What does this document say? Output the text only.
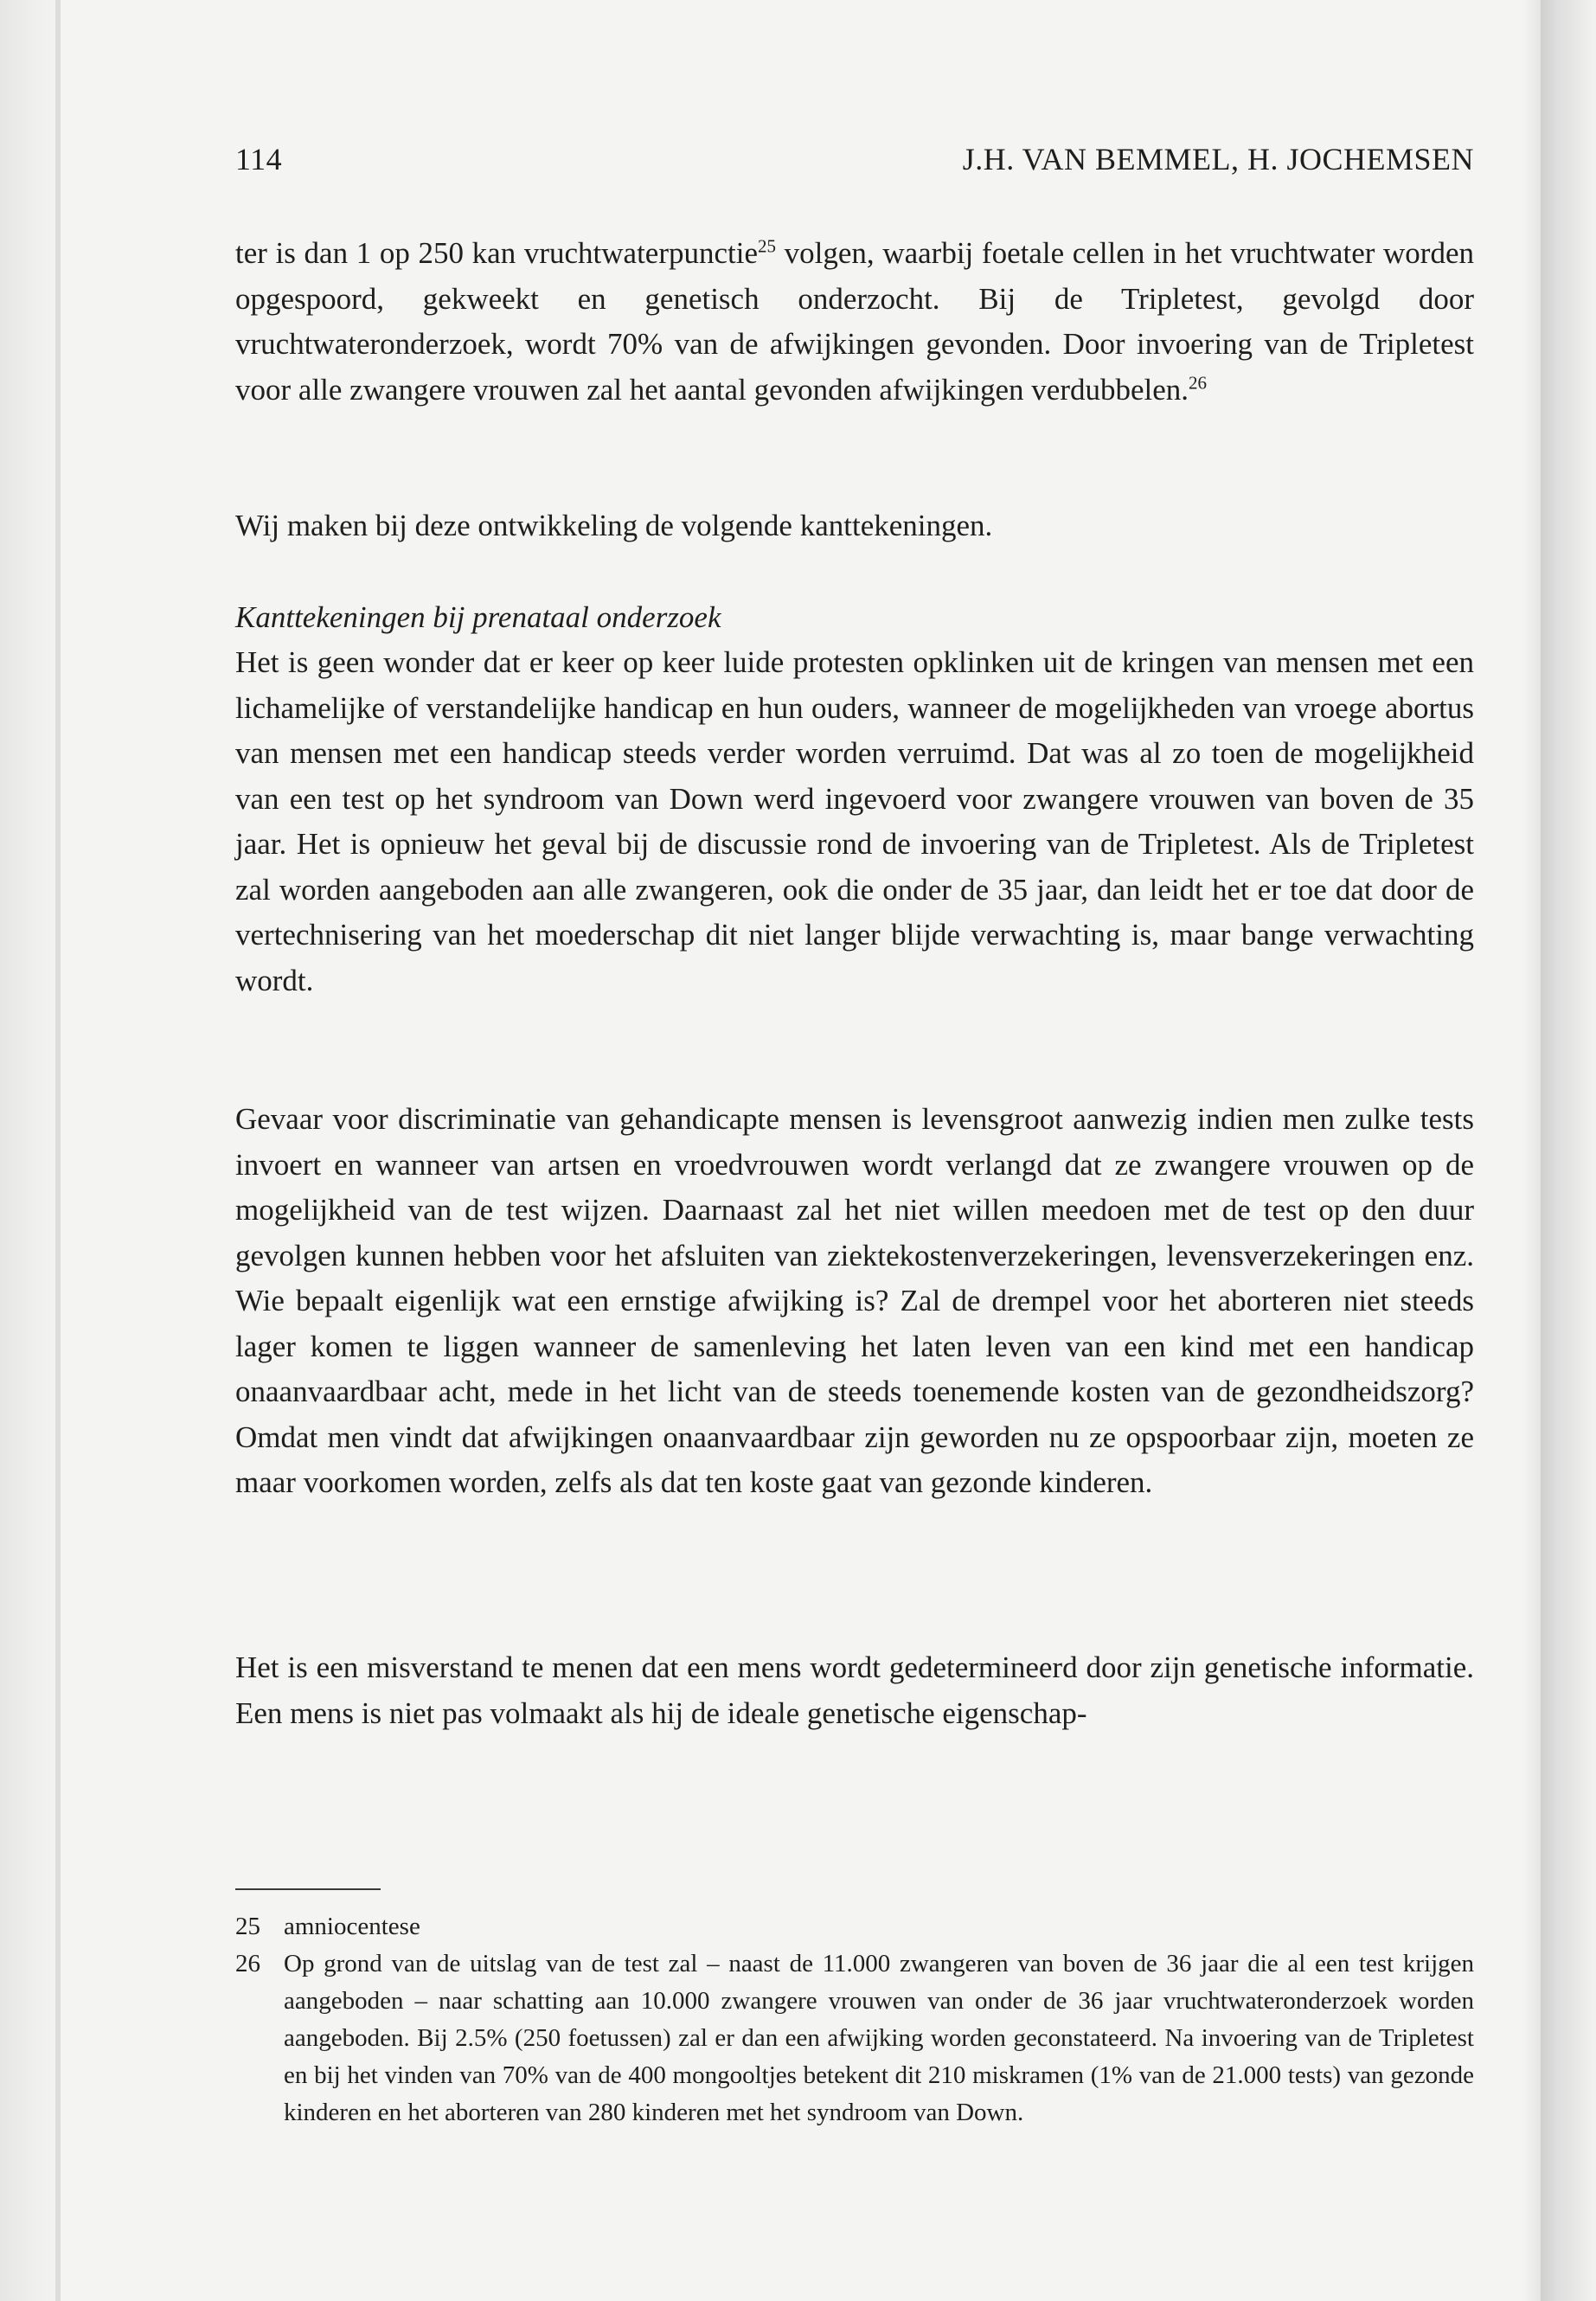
114	J.H. VAN BEMMEL, H. JOCHEMSEN

ter is dan 1 op 250 kan vruchtwaterpunctie$^{25}$ volgen, waarbij foetale cellen in het vruchtwater worden opgespoord, gekweekt en genetisch onderzocht. Bij de Tripletest, gevolgd door vruchtwateronderzoek, wordt 70% van de afwijkingen gevonden. Door invoering van de Tripletest voor alle zwangere vrouwen zal het aantal gevonden afwijkingen verdubbelen.$^{26}$

Wij maken bij deze ontwikkeling de volgende kanttekeningen.

Kanttekeningen bij prenataal onderzoek

Het is geen wonder dat er keer op keer luide protesten opklinken uit de kringen van mensen met een lichamelijke of verstandelijke handicap en hun ouders, wanneer de mogelijkheden van vroege abortus van mensen met een handicap steeds verder worden verruimd. Dat was al zo toen de mogelijkheid van een test op het syndroom van Down werd ingevoerd voor zwangere vrouwen van boven de 35 jaar. Het is opnieuw het geval bij de discussie rond de invoering van de Tripletest. Als de Tripletest zal worden aangeboden aan alle zwangeren, ook die onder de 35 jaar, dan leidt het er toe dat door de vertechnisering van het moederschap dit niet langer blijde verwachting is, maar bange verwachting wordt.

Gevaar voor discriminatie van gehandicapte mensen is levensgroot aanwezig indien men zulke tests invoert en wanneer van artsen en vroedvrouwen wordt verlangd dat ze zwangere vrouwen op de mogelijkheid van de test wijzen. Daarnaast zal het niet willen meedoen met de test op den duur gevolgen kunnen hebben voor het afsluiten van ziektekostenverzekeringen, levensverzekeringen enz. Wie bepaalt eigenlijk wat een ernstige afwijking is? Zal de drempel voor het aborteren niet steeds lager komen te liggen wanneer de samenleving het laten leven van een kind met een handicap onaanvaardbaar acht, mede in het licht van de steeds toenemende kosten van de gezondheidszorg? Omdat men vindt dat afwijkingen onaanvaardbaar zijn geworden nu ze opspoorbaar zijn, moeten ze maar voorkomen worden, zelfs als dat ten koste gaat van gezonde kinderen.

Het is een misverstand te menen dat een mens wordt gedetermineerd door zijn genetische informatie. Een mens is niet pas volmaakt als hij de ideale genetische eigenschap-

25 amniocentese

26 Op grond van de uitslag van de test zal – naast de 11.000 zwangeren van boven de 36 jaar die al een test krijgen aangeboden – naar schatting aan 10.000 zwangere vrouwen van onder de 36 jaar vruchtwateronderzoek worden aangeboden. Bij 2.5% (250 foetussen) zal er dan een afwijking worden geconstateerd. Na invoering van de Tripletest en bij het vinden van 70% van de 400 mongooltjes betekent dit 210 miskramen (1% van de 21.000 tests) van gezonde kinderen en het aborteren van 280 kinderen met het syndroom van Down.
